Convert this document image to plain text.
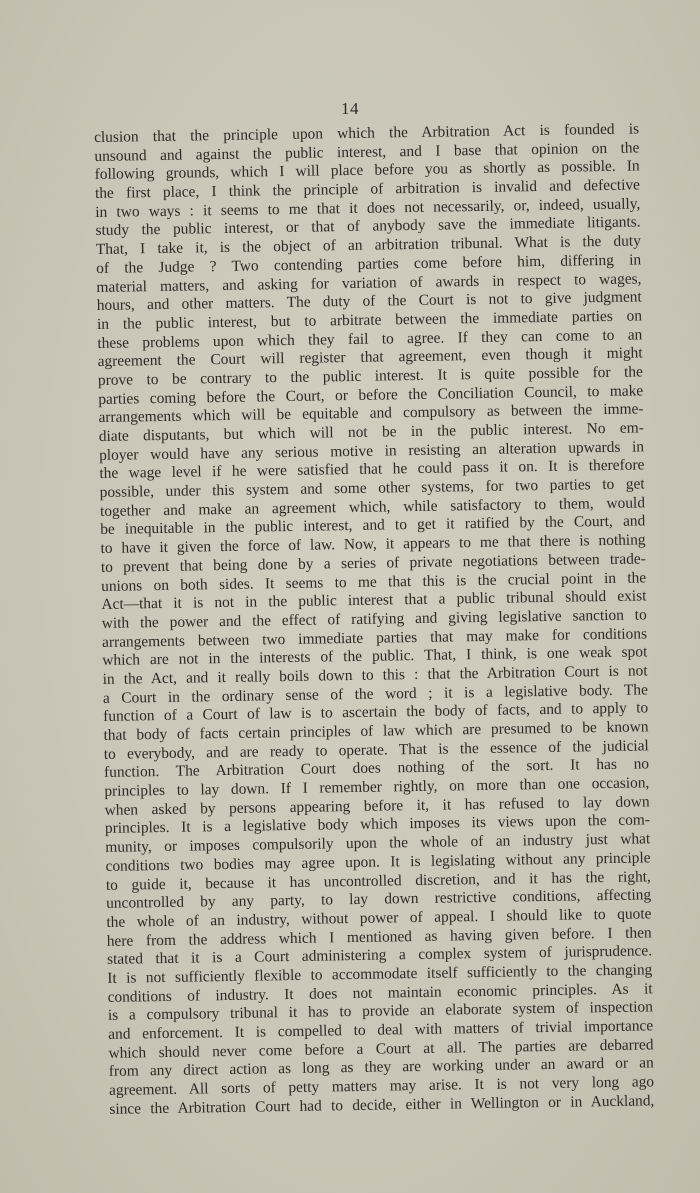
14
clusion that the principle upon which the Arbitration Act is founded is
unsound and against the public interest, and I base that opinion on the
following grounds, which I will place before you as shortly as possible. In
the first place, I think the principle of arbitration is invalid and defective
in two ways : it seems to me that it does not necessarily, or, indeed, usually,
study the public interest, or that of anybody save the immediate litigants.
That, I take it, is the object of an arbitration tribunal. What is the duty
of the Judge ? Two contending parties come before him, differing in
material matters, and asking for variation of awards in respect to wages,
hours, and other matters. The duty of the Court is not to give judgment
in the public interest, but to arbitrate between the immediate parties on
these problems upon which they fail to agree. If they can come to an
agreement the Court will register that agreement, even though it might
prove to be contrary to the public interest. It is quite possible for the
parties coming before the Court, or before the Conciliation Council, to make
arrangements which will be equitable and compulsory as between the imme-
diate disputants, but which will not be in the public interest. No em-
ployer would have any serious motive in resisting an alteration upwards in
the wage level if he were satisfied that he could pass it on. It is therefore
possible, under this system and some other systems, for two parties to get
together and make an agreement which, while satisfactory to them, would
be inequitable in the public interest, and to get it ratified by the Court, and
to have it given the force of law. Now, it appears to me that there is nothing
to prevent that being done by a series of private negotiations between trade-
unions on both sides. It seems to me that this is the crucial point in the
Act—that it is not in the public interest that a public tribunal should exist
with the power and the effect of ratifying and giving legislative sanction to
arrangements between two immediate parties that may make for conditions
which are not in the interests of the public. That, I think, is one weak spot
in the Act, and it really boils down to this : that the Arbitration Court is not
a Court in the ordinary sense of the word ; it is a legislative body. The
function of a Court of law is to ascertain the body of facts, and to apply to
that body of facts certain principles of law which are presumed to be known
to everybody, and are ready to operate. That is the essence of the judicial
function. The Arbitration Court does nothing of the sort. It has no
principles to lay down. If I remember rightly, on more than one occasion,
when asked by persons appearing before it, it has refused to lay down
principles. It is a legislative body which imposes its views upon the com-
munity, or imposes compulsorily upon the whole of an industry just what
conditions two bodies may agree upon. It is legislating without any principle
to guide it, because it has uncontrolled discretion, and it has the right,
uncontrolled by any party, to lay down restrictive conditions, affecting
the whole of an industry, without power of appeal. I should like to quote
here from the address which I mentioned as having given before. I then
stated that it is a Court administering a complex system of jurisprudence.
It is not sufficiently flexible to accommodate itself sufficiently to the changing
conditions of industry. It does not maintain economic principles. As it
is a compulsory tribunal it has to provide an elaborate system of inspection
and enforcement. It is compelled to deal with matters of trivial importance
which should never come before a Court at all. The parties are debarred
from any direct action as long as they are working under an award or an
agreement. All sorts of petty matters may arise. It is not very long ago
since the Arbitration Court had to decide, either in Wellington or in Auckland,
